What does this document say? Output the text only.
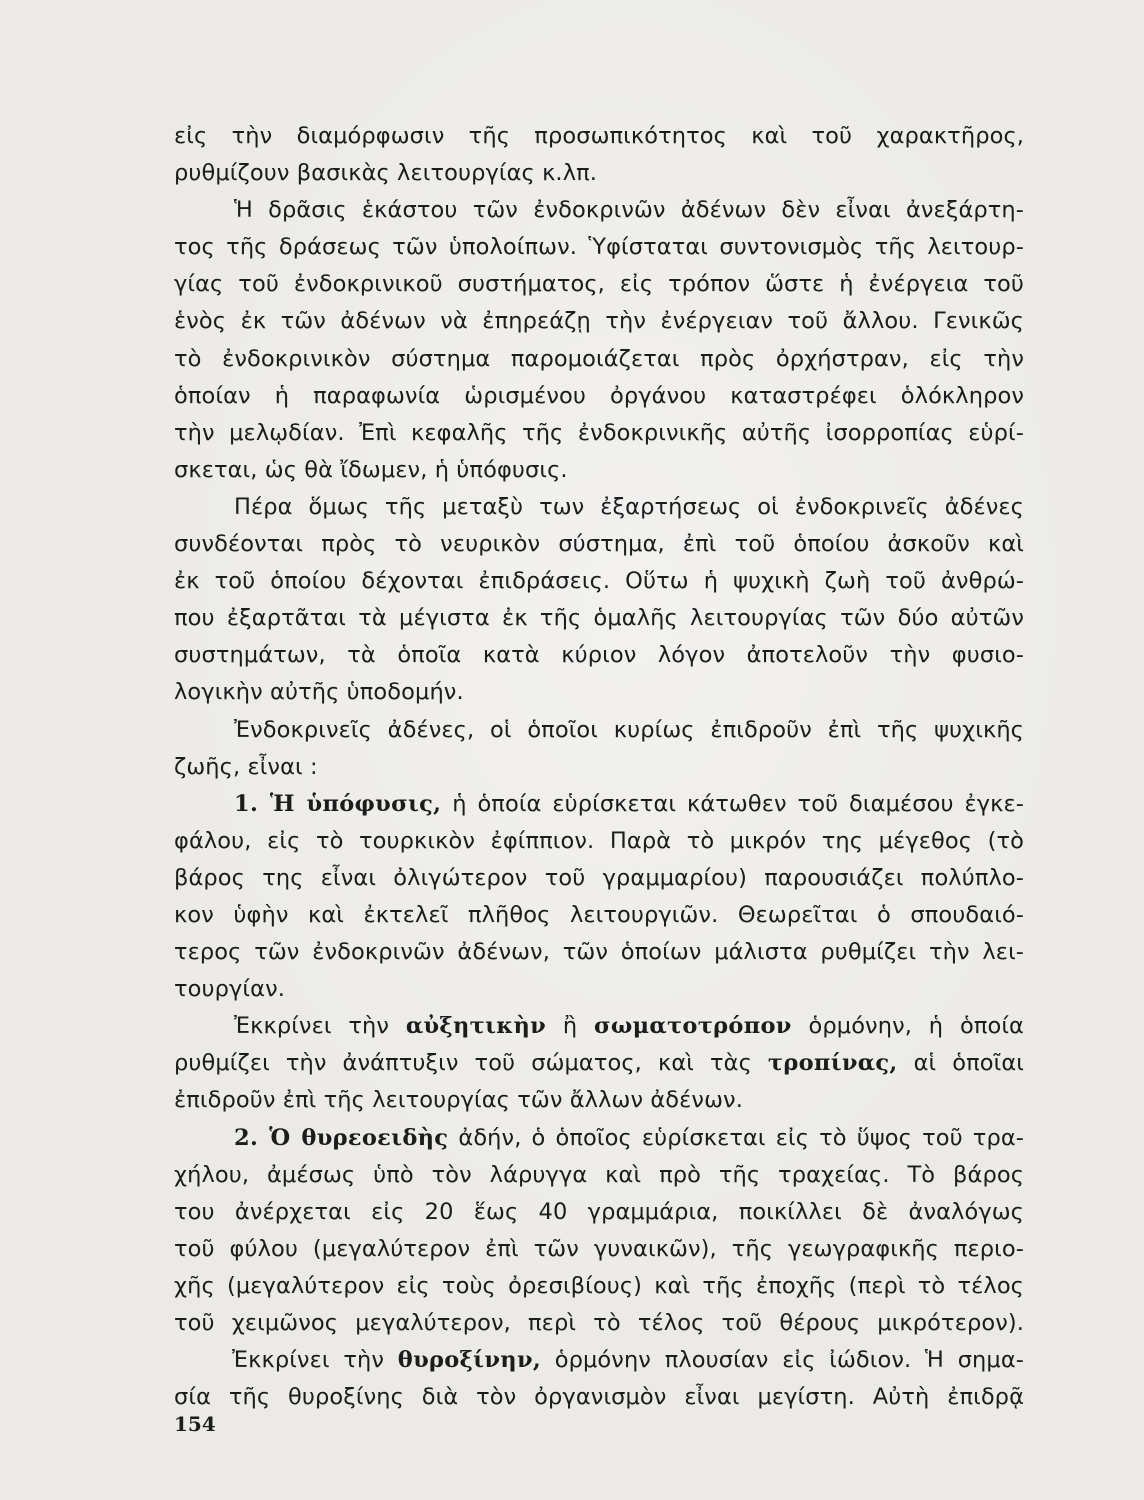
εἰς τὴν διαμόρφωσιν τῆς προσωπικότητος καὶ τοῦ χαρακτῆρος,
ρυθμίζουν βασικὰς λειτουργίας κ.λπ.
Ἡ δρᾶσις ἑκάστου τῶν ἐνδοκρινῶν ἀδένων δὲν εἶναι ἀνεξάρτη-
τος τῆς δράσεως τῶν ὑπολοίπων. Ὑφίσταται συντονισμὸς τῆς λειτουρ-
γίας τοῦ ἐνδοκρινικοῦ συστήματος, εἰς τρόπον ὥστε ἡ ἐνέργεια τοῦ
ἑνὸς ἐκ τῶν ἀδένων νὰ ἐπηρεάζῃ τὴν ἐνέργειαν τοῦ ἄλλου. Γενικῶς
τὸ ἐνδοκρινικὸν σύστημα παρομοιάζεται πρὸς ὀρχήστραν, εἰς τὴν
ὁποίαν ἡ παραφωνία ὡρισμένου ὀργάνου καταστρέφει ὁλόκληρον
τὴν μελῳδίαν. Ἐπὶ κεφαλῆς τῆς ἐνδοκρινικῆς αὐτῆς ἰσορροπίας εὑρί-
σκεται, ὡς θὰ ἴδωμεν, ἡ ὑπόφυσις.
Πέρα ὅμως τῆς μεταξὺ των ἐξαρτήσεως οἱ ἐνδοκρινεῖς ἀδένες
συνδέονται πρὸς τὸ νευρικὸν σύστημα, ἐπὶ τοῦ ὁποίου ἀσκοῦν καὶ
ἐκ τοῦ ὁποίου δέχονται ἐπιδράσεις. Οὕτω ἡ ψυχικὴ ζωὴ τοῦ ἀνθρώ-
που ἐξαρτᾶται τὰ μέγιστα ἐκ τῆς ὁμαλῆς λειτουργίας τῶν δύο αὐτῶν
συστημάτων, τὰ ὁποῖα κατὰ κύριον λόγον ἀποτελοῦν τὴν φυσιο-
λογικὴν αὐτῆς ὑποδομήν.
Ἐνδοκρινεῖς ἀδένες, οἱ ὁποῖοι κυρίως ἐπιδροῦν ἐπὶ τῆς ψυχικῆς
ζωῆς, εἶναι :
1. Ἡ ὑπόφυσις, ἡ ὁποία εὑρίσκεται κάτωθεν τοῦ διαμέσου ἐγκε-
φάλου, εἰς τὸ τουρκικὸν ἐφίππιον. Παρὰ τὸ μικρόν της μέγεθος (τὸ
βάρος της εἶναι ὀλιγώτερον τοῦ γραμμαρίου) παρουσιάζει πολύπλο-
κον ὑφὴν καὶ ἐκτελεῖ πλῆθος λειτουργιῶν. Θεωρεῖται ὁ σπουδαιό-
τερος τῶν ἐνδοκρινῶν ἀδένων, τῶν ὁποίων μάλιστα ρυθμίζει τὴν λει-
τουργίαν.
Ἐκκρίνει τὴν αὐξητικὴν ἢ σωματοτρόπον ὁρμόνην, ἡ ὁποία
ρυθμίζει τὴν ἀνάπτυξιν τοῦ σώματος, καὶ τὰς τροπίνας, αἱ ὁποῖαι
ἐπιδροῦν ἐπὶ τῆς λειτουργίας τῶν ἄλλων ἀδένων.
2. Ὁ θυρεοειδὴς ἀδήν, ὁ ὁποῖος εὑρίσκεται εἰς τὸ ὕψος τοῦ τρα-
χήλου, ἀμέσως ὑπὸ τὸν λάρυγγα καὶ πρὸ τῆς τραχείας. Τὸ βάρος
του ἀνέρχεται εἰς 20 ἕως 40 γραμμάρια, ποικίλλει δὲ ἀναλόγως
τοῦ φύλου (μεγαλύτερον ἐπὶ τῶν γυναικῶν), τῆς γεωγραφικῆς περιο-
χῆς (μεγαλύτερον εἰς τοὺς ὀρεσιβίους) καὶ τῆς ἐποχῆς (περὶ τὸ τέλος
τοῦ χειμῶνος μεγαλύτερον, περὶ τὸ τέλος τοῦ θέρους μικρότερον).
Ἐκκρίνει τὴν θυροξίνην, ὁρμόνην πλουσίαν εἰς ἰώδιον. Ἡ σημα-
σία τῆς θυροξίνης διὰ τὸν ὀργανισμὸν εἶναι μεγίστη. Αὐτὴ ἐπιδρᾷ
154
